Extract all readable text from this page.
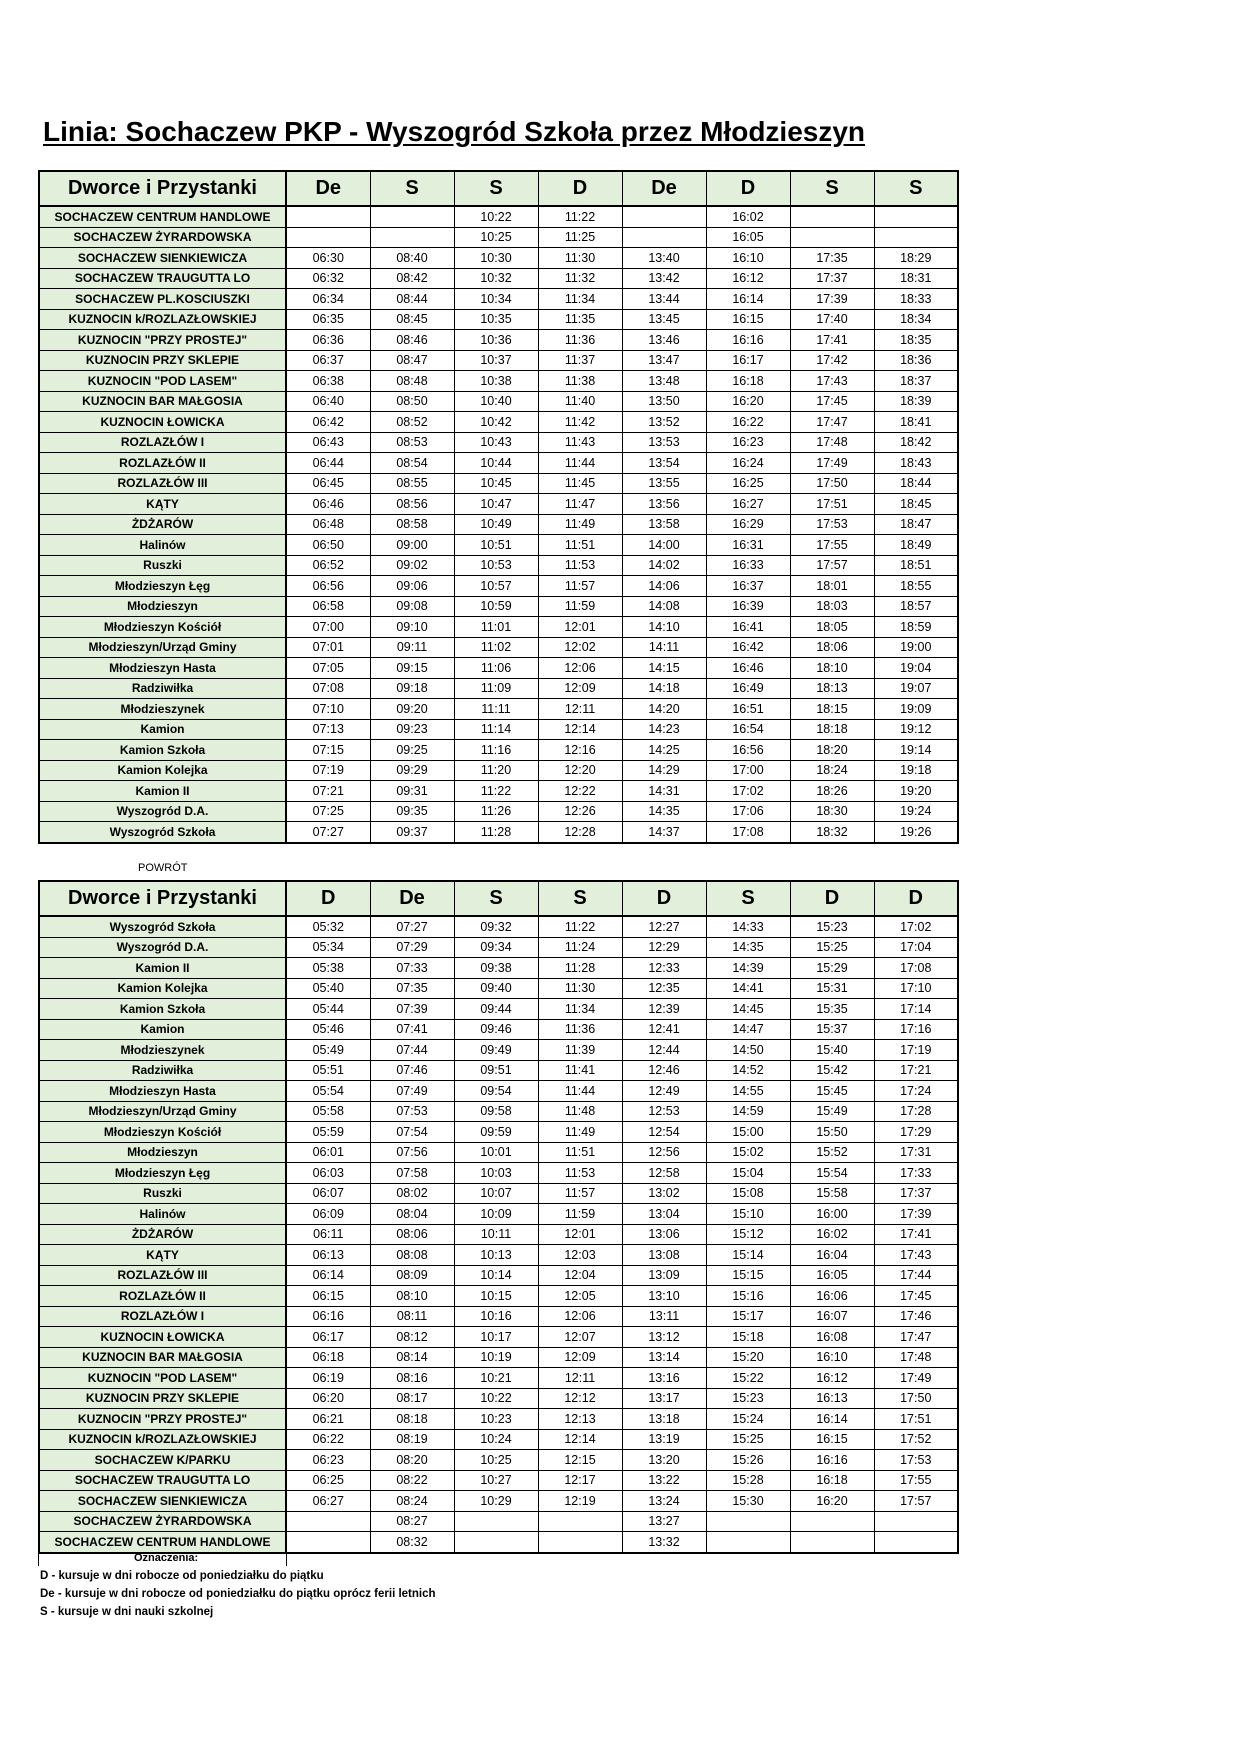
Linia: Sochaczew PKP - Wyszogród Szkoła przez Młodzieszyn
Dworce i Przystanki	De	S	S	D	De	D	S	S
SOCHACZEW CENTRUM HANDLOWE			10:22	11:22		16:02		
SOCHACZEW ŻYRARDOWSKA			10:25	11:25		16:05		
SOCHACZEW SIENKIEWICZA	06:30	08:40	10:30	11:30	13:40	16:10	17:35	18:29
SOCHACZEW TRAUGUTTA LO	06:32	08:42	10:32	11:32	13:42	16:12	17:37	18:31
SOCHACZEW PL.KOSCIUSZKI	06:34	08:44	10:34	11:34	13:44	16:14	17:39	18:33
KUZNOCIN k/ROZLAZŁOWSKIEJ	06:35	08:45	10:35	11:35	13:45	16:15	17:40	18:34
KUZNOCIN "PRZY PROSTEJ"	06:36	08:46	10:36	11:36	13:46	16:16	17:41	18:35
KUZNOCIN PRZY SKLEPIE	06:37	08:47	10:37	11:37	13:47	16:17	17:42	18:36
KUZNOCIN "POD LASEM"	06:38	08:48	10:38	11:38	13:48	16:18	17:43	18:37
KUZNOCIN BAR MAŁGOSIA	06:40	08:50	10:40	11:40	13:50	16:20	17:45	18:39
KUZNOCIN ŁOWICKA	06:42	08:52	10:42	11:42	13:52	16:22	17:47	18:41
ROZLAZŁÓW I	06:43	08:53	10:43	11:43	13:53	16:23	17:48	18:42
ROZLAZŁÓW II	06:44	08:54	10:44	11:44	13:54	16:24	17:49	18:43
ROZLAZŁÓW III	06:45	08:55	10:45	11:45	13:55	16:25	17:50	18:44
KĄTY	06:46	08:56	10:47	11:47	13:56	16:27	17:51	18:45
ŻDŻARÓW	06:48	08:58	10:49	11:49	13:58	16:29	17:53	18:47
Halinów	06:50	09:00	10:51	11:51	14:00	16:31	17:55	18:49
Ruszki	06:52	09:02	10:53	11:53	14:02	16:33	17:57	18:51
Młodzieszyn Łęg	06:56	09:06	10:57	11:57	14:06	16:37	18:01	18:55
Młodzieszyn	06:58	09:08	10:59	11:59	14:08	16:39	18:03	18:57
Młodzieszyn Kościół	07:00	09:10	11:01	12:01	14:10	16:41	18:05	18:59
Młodzieszyn/Urząd Gminy	07:01	09:11	11:02	12:02	14:11	16:42	18:06	19:00
Młodzieszyn Hasta	07:05	09:15	11:06	12:06	14:15	16:46	18:10	19:04
Radziwiłka	07:08	09:18	11:09	12:09	14:18	16:49	18:13	19:07
Młodzieszynek	07:10	09:20	11:11	12:11	14:20	16:51	18:15	19:09
Kamion	07:13	09:23	11:14	12:14	14:23	16:54	18:18	19:12
Kamion Szkoła	07:15	09:25	11:16	12:16	14:25	16:56	18:20	19:14
Kamion Kolejka	07:19	09:29	11:20	12:20	14:29	17:00	18:24	19:18
Kamion II	07:21	09:31	11:22	12:22	14:31	17:02	18:26	19:20
Wyszogród D.A.	07:25	09:35	11:26	12:26	14:35	17:06	18:30	19:24
Wyszogród Szkoła	07:27	09:37	11:28	12:28	14:37	17:08	18:32	19:26
POWRÓT
Dworce i Przystanki	D	De	S	S	D	S	D	D
Wyszogród Szkoła	05:32	07:27	09:32	11:22	12:27	14:33	15:23	17:02
Wyszogród D.A.	05:34	07:29	09:34	11:24	12:29	14:35	15:25	17:04
Kamion II	05:38	07:33	09:38	11:28	12:33	14:39	15:29	17:08
Kamion Kolejka	05:40	07:35	09:40	11:30	12:35	14:41	15:31	17:10
Kamion Szkoła	05:44	07:39	09:44	11:34	12:39	14:45	15:35	17:14
Kamion	05:46	07:41	09:46	11:36	12:41	14:47	15:37	17:16
Młodzieszynek	05:49	07:44	09:49	11:39	12:44	14:50	15:40	17:19
Radziwiłka	05:51	07:46	09:51	11:41	12:46	14:52	15:42	17:21
Młodzieszyn Hasta	05:54	07:49	09:54	11:44	12:49	14:55	15:45	17:24
Młodzieszyn/Urząd Gminy	05:58	07:53	09:58	11:48	12:53	14:59	15:49	17:28
Młodzieszyn Kościół	05:59	07:54	09:59	11:49	12:54	15:00	15:50	17:29
Młodzieszyn	06:01	07:56	10:01	11:51	12:56	15:02	15:52	17:31
Młodzieszyn Łęg	06:03	07:58	10:03	11:53	12:58	15:04	15:54	17:33
Ruszki	06:07	08:02	10:07	11:57	13:02	15:08	15:58	17:37
Halinów	06:09	08:04	10:09	11:59	13:04	15:10	16:00	17:39
ŻDŻARÓW	06:11	08:06	10:11	12:01	13:06	15:12	16:02	17:41
KĄTY	06:13	08:08	10:13	12:03	13:08	15:14	16:04	17:43
ROZLAZŁÓW III	06:14	08:09	10:14	12:04	13:09	15:15	16:05	17:44
ROZLAZŁÓW II	06:15	08:10	10:15	12:05	13:10	15:16	16:06	17:45
ROZLAZŁÓW I	06:16	08:11	10:16	12:06	13:11	15:17	16:07	17:46
KUZNOCIN ŁOWICKA	06:17	08:12	10:17	12:07	13:12	15:18	16:08	17:47
KUZNOCIN BAR MAŁGOSIA	06:18	08:14	10:19	12:09	13:14	15:20	16:10	17:48
KUZNOCIN "POD LASEM"	06:19	08:16	10:21	12:11	13:16	15:22	16:12	17:49
KUZNOCIN PRZY SKLEPIE	06:20	08:17	10:22	12:12	13:17	15:23	16:13	17:50
KUZNOCIN "PRZY PROSTEJ"	06:21	08:18	10:23	12:13	13:18	15:24	16:14	17:51
KUZNOCIN k/ROZLAZŁOWSKIEJ	06:22	08:19	10:24	12:14	13:19	15:25	16:15	17:52
SOCHACZEW K/PARKU	06:23	08:20	10:25	12:15	13:20	15:26	16:16	17:53
SOCHACZEW TRAUGUTTA LO	06:25	08:22	10:27	12:17	13:22	15:28	16:18	17:55
SOCHACZEW SIENKIEWICZA	06:27	08:24	10:29	12:19	13:24	15:30	16:20	17:57
SOCHACZEW ŻYRARDOWSKA		08:27			13:27			
SOCHACZEW CENTRUM HANDLOWE		08:32			13:32			
Oznaczenia:
D - kursuje w dni robocze od poniedziałku do piątku
De - kursuje w dni robocze od poniedziałku do piątku oprócz ferii letnich
S - kursuje w dni nauki szkolnej
